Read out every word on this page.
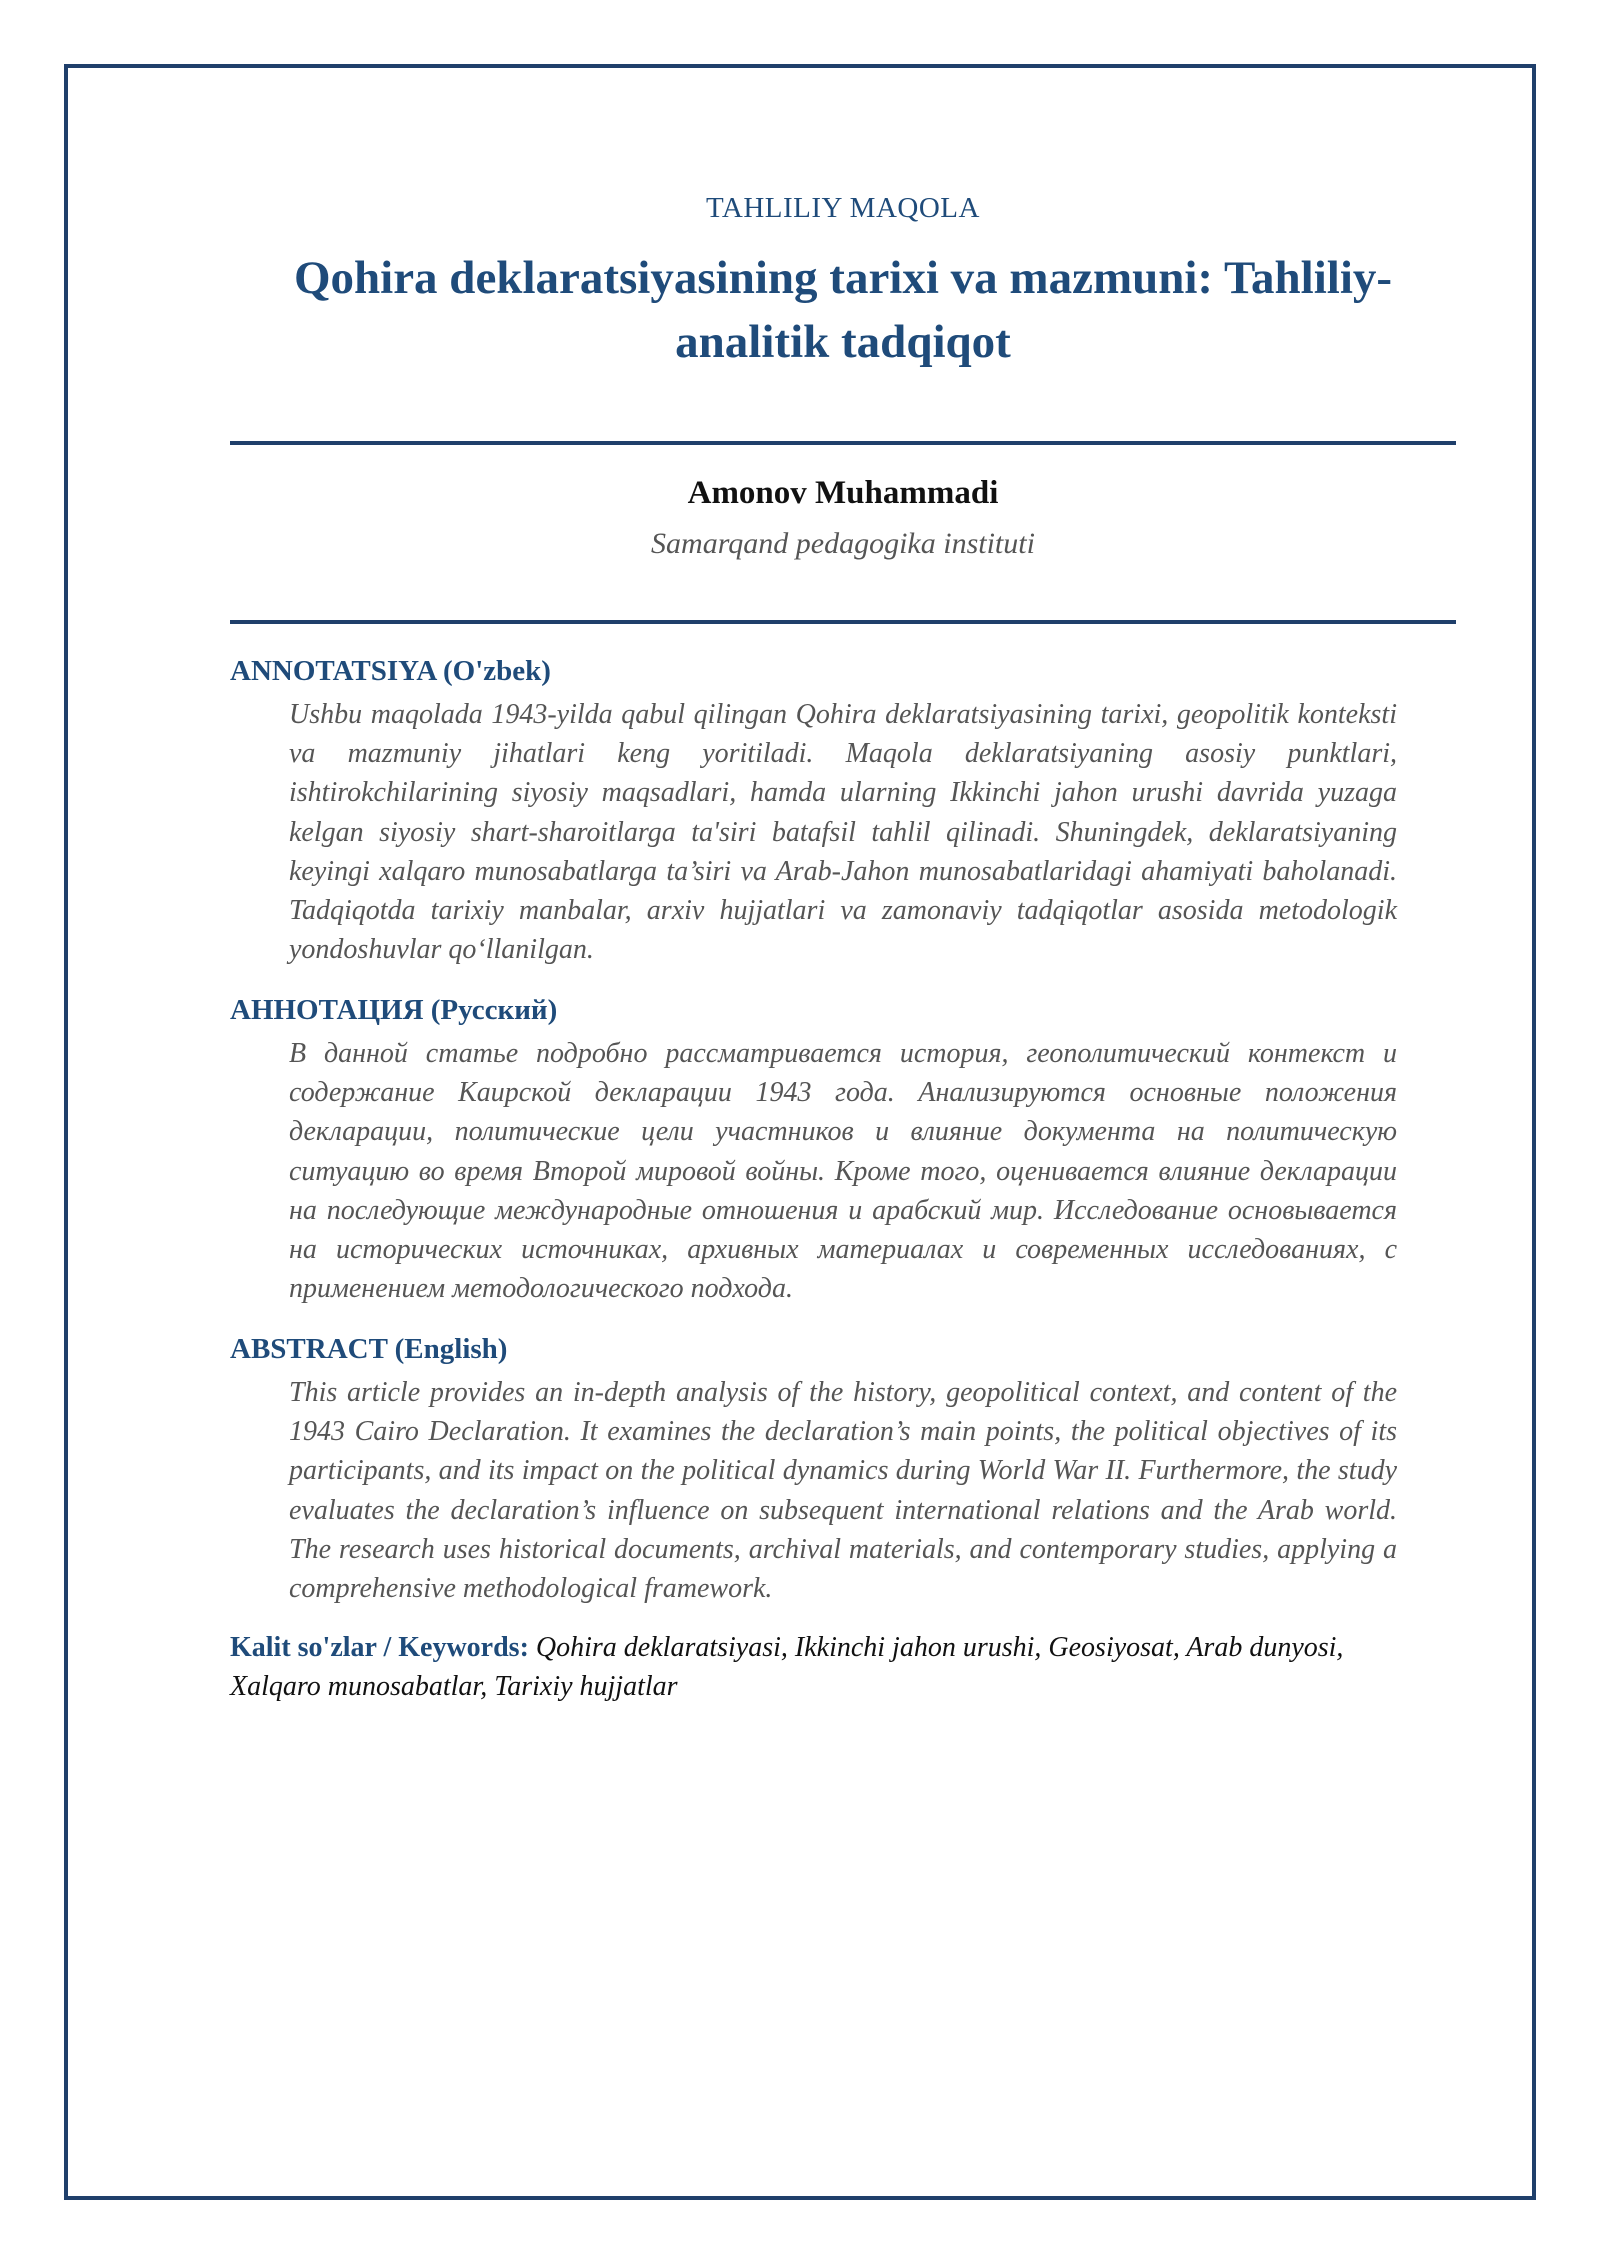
TAHLILIY MAQOLA
Qohira deklaratsiyasining tarixi va mazmuni: Tahliliy-analitik tadqiqot
Amonov Muhammadi
Samarqand pedagogika instituti
ANNOTATSIYA (O'zbek)

Ushbu maqolada 1943-yilda qabul qilingan Qohira deklaratsiyasining tarixi, geopolitik konteksti va mazmuniy jihatlari keng yoritiladi. Maqola deklaratsiyaning asosiy punktlari, ishtirokchilarining siyosiy maqsadlari, hamda ularning Ikkinchi jahon urushi davrida yuzaga kelgan siyosiy shart-sharoitlarga ta'siri batafsil tahlil qilinadi. Shuningdek, deklaratsiyaning keyingi xalqaro munosabatlarga ta’siri va Arab-Jahon munosabatlaridagi ahamiyati baholanadi. Tadqiqotda tarixiy manbalar, arxiv hujjatlari va zamonaviy tadqiqotlar asosida metodologik yondoshuvlar qo‘llanilgan.

АННОТАЦИЯ (Русский)

В данной статье подробно рассматривается история, геополитический контекст и содержание Каирской декларации 1943 года. Анализируются основные положения декларации, политические цели участников и влияние документа на политическую ситуацию во время Второй мировой войны. Кроме того, оценивается влияние декларации на последующие международные отношения и арабский мир. Исследование основывается на исторических источниках, архивных материалах и современных исследованиях, с применением методологического подхода.

ABSTRACT (English)

This article provides an in-depth analysis of the history, geopolitical context, and content of the 1943 Cairo Declaration. It examines the declaration’s main points, the political objectives of its participants, and its impact on the political dynamics during World War II. Furthermore, the study evaluates the declaration’s influence on subsequent international relations and the Arab world. The research uses historical documents, archival materials, and contemporary studies, applying a comprehensive methodological framework.

Kalit so'zlar / Keywords: Qohira deklaratsiyasi, Ikkinchi jahon urushi, Geosiyosat, Arab dunyosi, Xalqaro munosabatlar, Tarixiy hujjatlar
